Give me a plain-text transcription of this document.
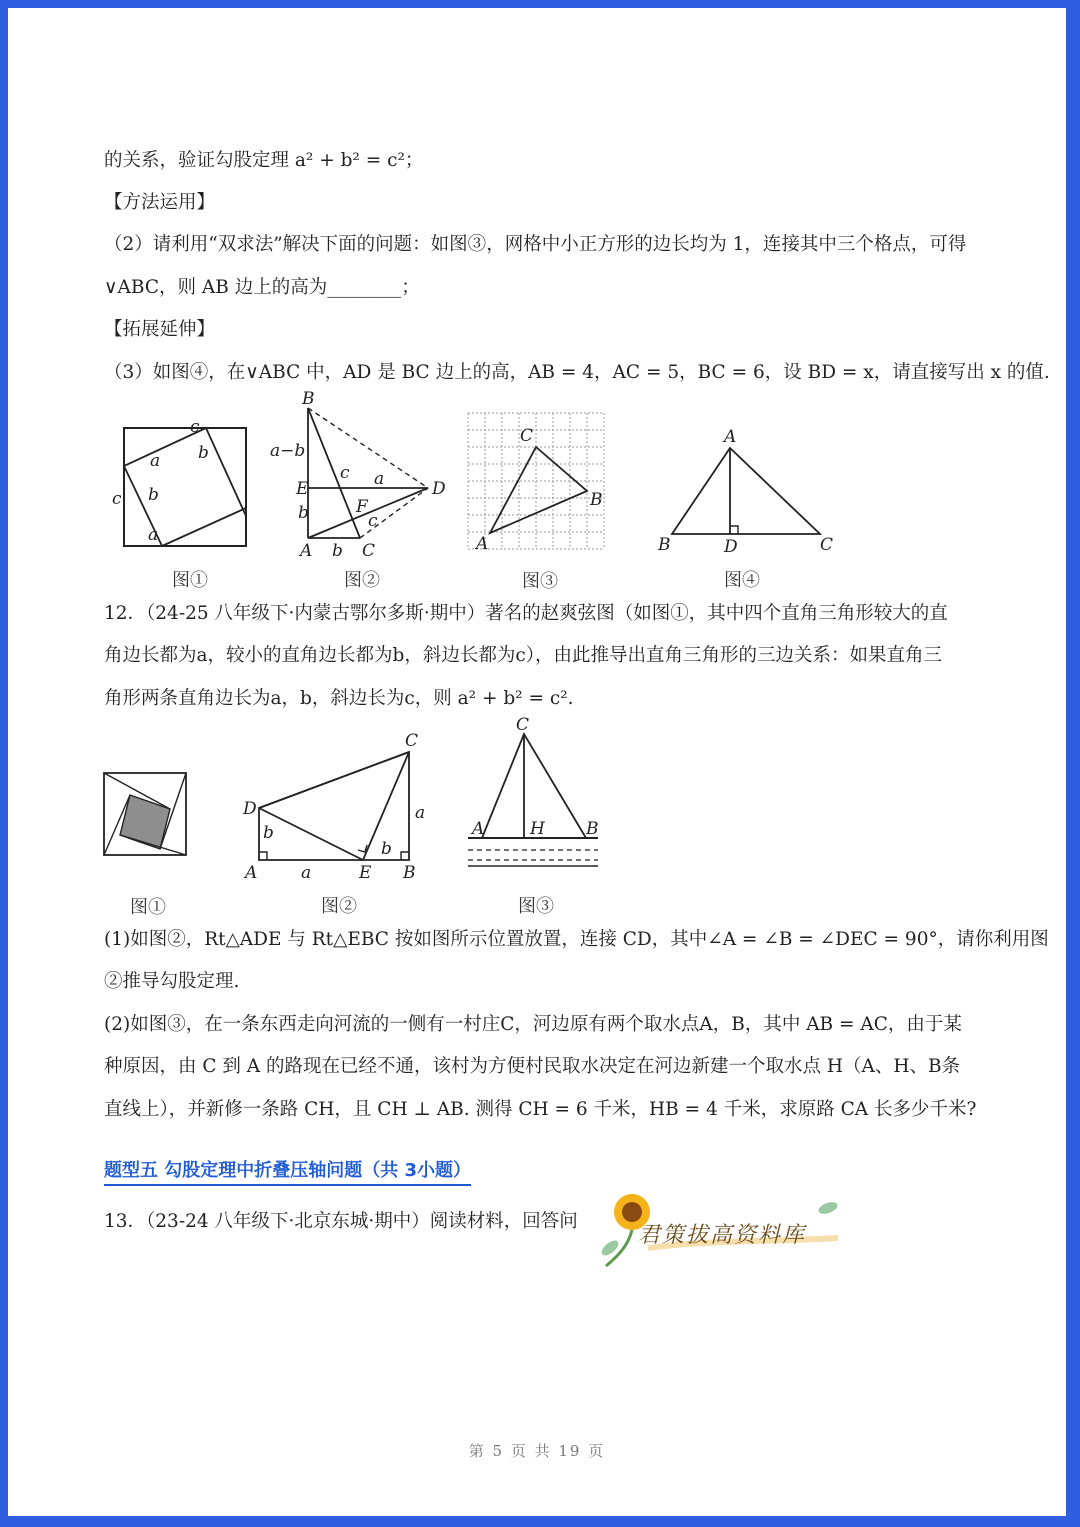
的关系，验证勾股定理 a² + b² = c²；
【方法运用】
（2）请利用“双求法”解决下面的问题：如图③，网格中小正方形的边长均为 1，连接其中三个格点，可得
∨ABC，则 AB 边上的高为________；
【拓展延伸】
（3）如图④，在∨ABC 中，AD 是 BC 边上的高，AB = 4，AC = 5，BC = 6，设 BD = x，请直接写出 x 的值.
c
a b
c b
a
图①
B
a−b
c a	D
E
F
b	c
A b C
图②
C
B
A
图③
A
B	D	C
图④
12．（24-25 八年级下·内蒙古鄂尔多斯·期中）著名的赵爽弦图（如图①，其中四个直角三角形较大的直
角边长都为a，较小的直角边长都为b，斜边长都为c），由此推导出直角三角形的三边关系：如果直角三
角形两条直角边长为a，b，斜边长为c，则 a² + b² = c².
图①
C
D	a
b
b
A	a	E B
图②
C
A	H B
图③
(1)如图②，Rt△ADE 与 Rt△EBC 按如图所示位置放置，连接 CD，其中∠A = ∠B = ∠DEC = 90°，请你利用图
②推导勾股定理.
(2)如图③，在一条东西走向河流的一侧有一村庄C，河边原有两个取水点A，B，其中 AB = AC，由于某
种原因，由 C 到 A 的路现在已经不通，该村为方便村民取水决定在河边新建一个取水点 H（A、H、B条
直线上），并新修一条路 CH，且 CH ⊥ AB. 测得 CH = 6 千米，HB = 4 千米，求原路 CA 长多少千米?
题型五 勾股定理中折叠压轴问题（共 3小题）
13．（23-24 八年级下·北京东城·期中）阅读材料，回答问
君策拔高资料库
第 5 页 共 19 页
